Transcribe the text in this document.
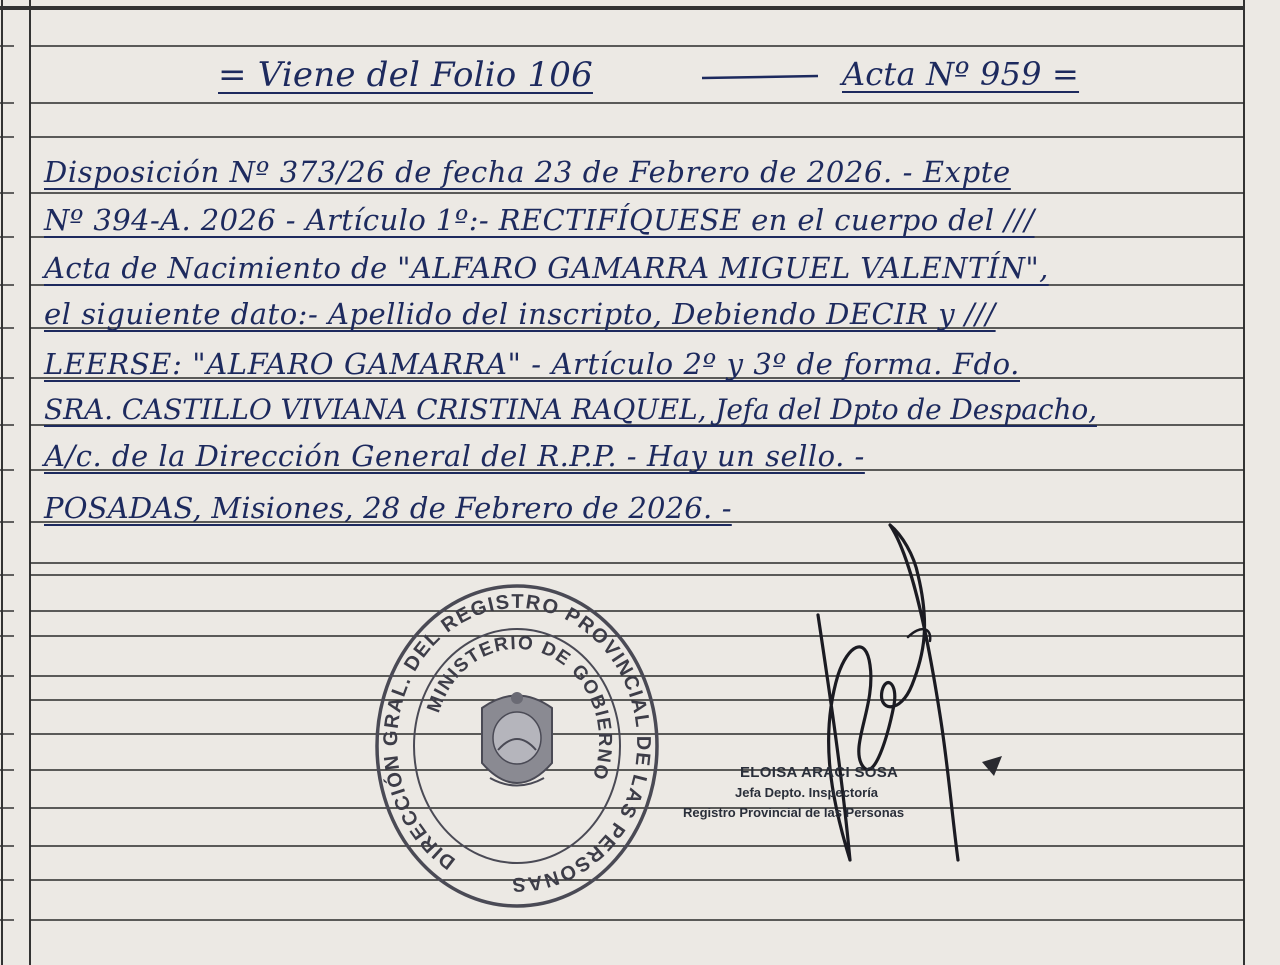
= Viene del Folio 106	Acta Nº 959 =

Disposición Nº 373/26 de fecha 23 de Febrero de 2026. - Expte

Nº 394-A. 2026 - Artículo 1º:- RECTIFÍQUESE en el cuerpo del ///

Acta de Nacimiento de "ALFARO GAMARRA MIGUEL VALENTÍN",

el siguiente dato:- Apellido del inscripto, Debiendo DECIR y ///

LEERSE: "ALFARO GAMARRA" - Artículo 2º y 3º de forma. Fdo.

SRA. CASTILLO VIVIANA CRISTINA RAQUEL, Jefa del Dpto de Despacho,

A/c. de la Dirección General del R.P.P. - Hay un sello. -

POSADAS, Misiones, 28 de Febrero de 2026. -

DIRECCIÓN GRAL. DEL REGISTRO PROVINCIAL DE LAS PERSONAS
MINISTERIO DE GOBIERNO	ELOISA ARACI SOSA

Jefa Depto. Inspectoría

Registro Provincial de las Personas
